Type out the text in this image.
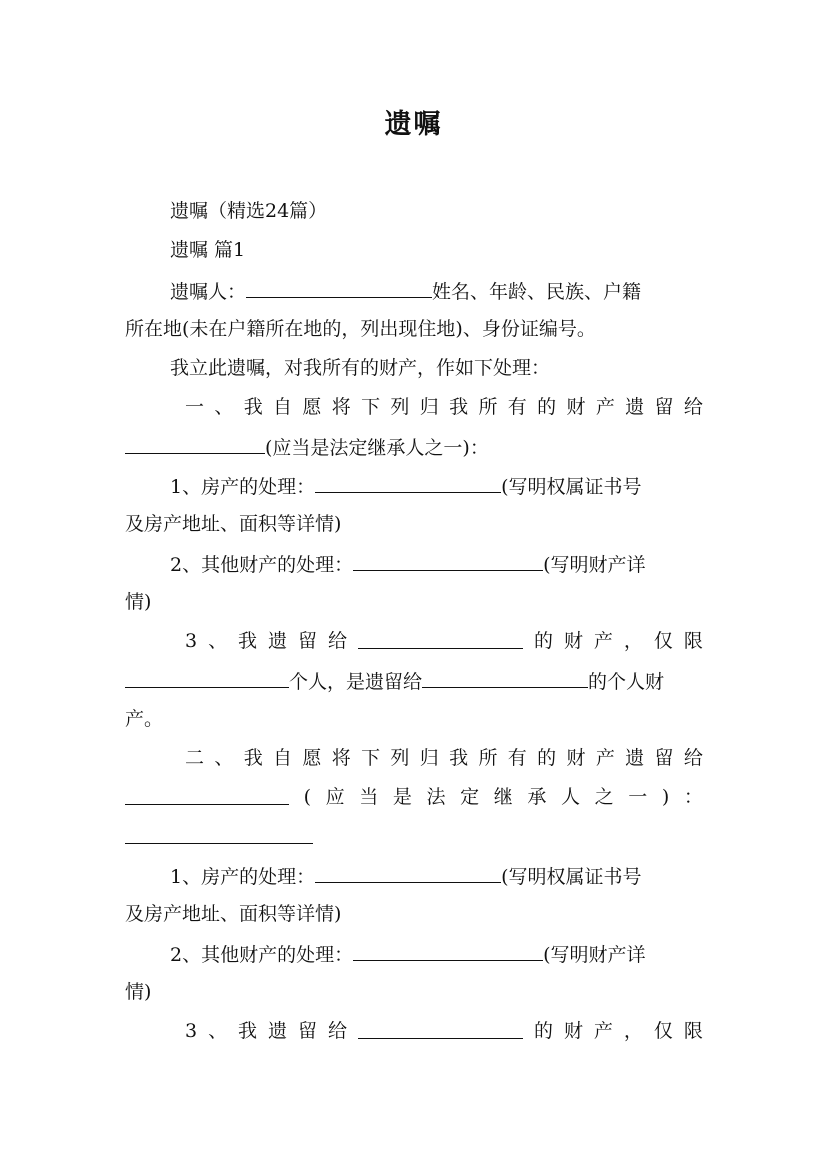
遗嘱
遗嘱（精选24篇）
遗嘱 篇1
遗嘱人：	姓名、年龄、民族、户籍
所在地(未在户籍所在地的，列出现住地)、身份证编号。
我立此遗嘱，对我所有的财产，作如下处理：
一 、 我 自 愿 将 下 列 归 我 所 有 的 财 产 遗 留 给
(应当是法定继承人之一)：
1、房产的处理：	(写明权属证书号
及房产地址、面积等详情)
2、其他财产的处理：	(写明财产详
情)
3 、 我 遗 留 给	的 财 产 ， 仅 限
个人，是遗留给	的个人财
产。
二 、 我 自 愿 将 下 列 归 我 所 有 的 财 产 遗 留 给
( 应 当 是 法 定 继 承 人 之 一 ) ：
1、房产的处理：	(写明权属证书号
及房产地址、面积等详情)
2、其他财产的处理：	(写明财产详
情)
3 、 我 遗 留 给	的 财 产 ， 仅 限
